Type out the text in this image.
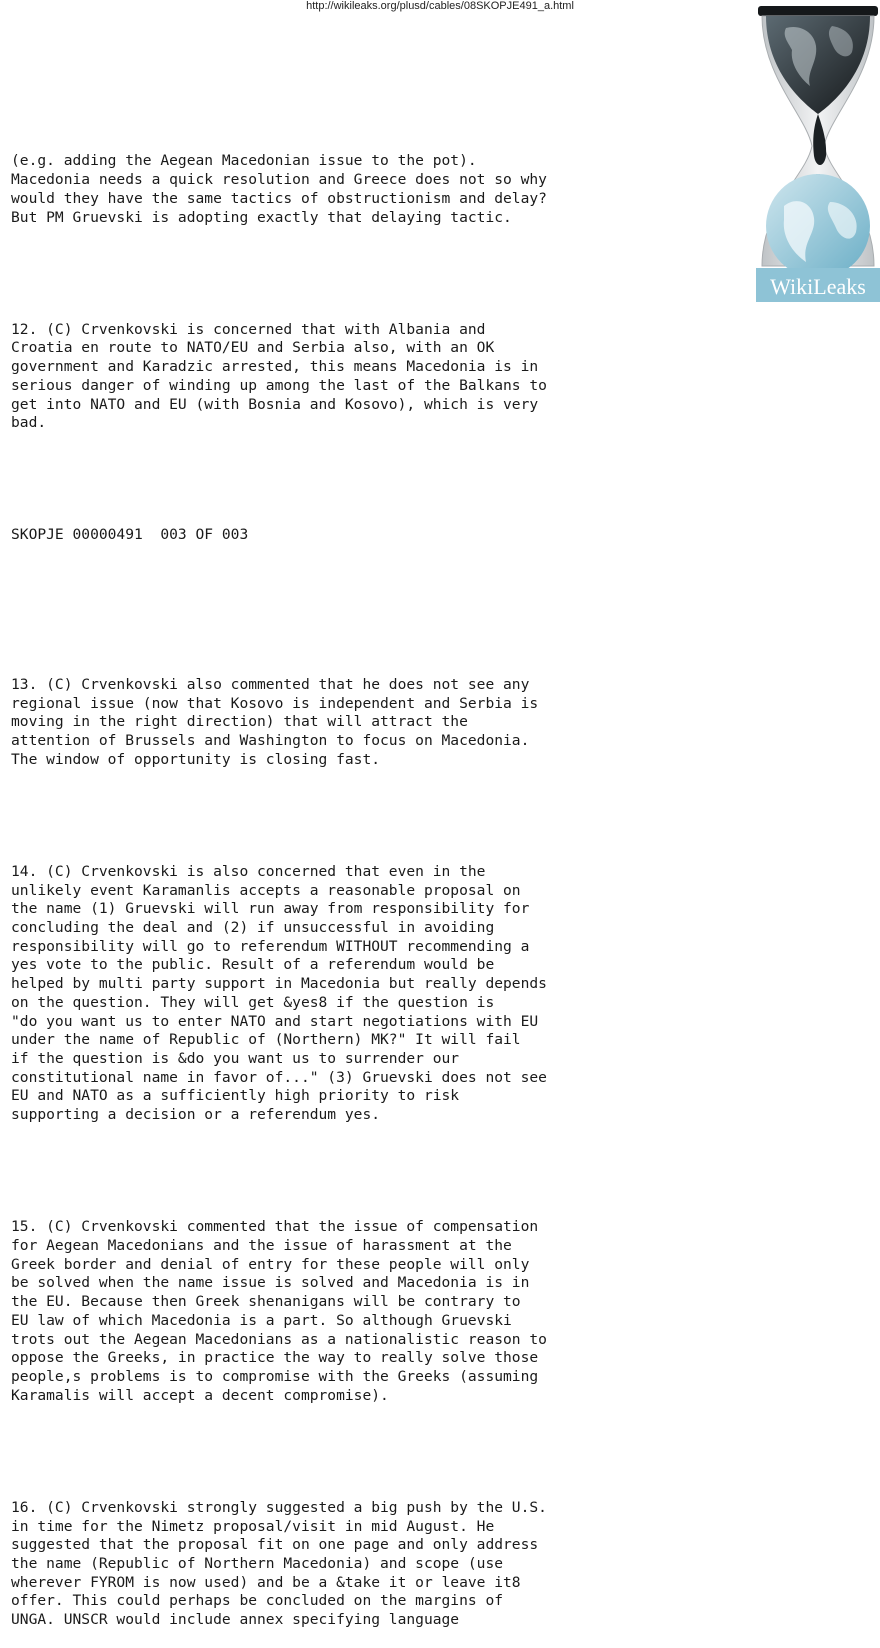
http://wikileaks.org/plusd/cables/08SKOPJE491_a.html

(e.g. adding the Aegean Macedonian issue to the pot).
Macedonia needs a quick resolution and Greece does not so why
would they have the same tactics of obstructionism and delay?
But PM Gruevski is adopting exactly that delaying tactic.

12. (C) Crvenkovski is concerned that with Albania and
Croatia en route to NATO/EU and Serbia also, with an OK
government and Karadzic arrested, this means Macedonia is in
serious danger of winding up among the last of the Balkans to
get into NATO and EU (with Bosnia and Kosovo), which is very
bad.

SKOPJE 00000491  003 OF 003

13. (C) Crvenkovski also commented that he does not see any
regional issue (now that Kosovo is independent and Serbia is
moving in the right direction) that will attract the
attention of Brussels and Washington to focus on Macedonia.
The window of opportunity is closing fast.

14. (C) Crvenkovski is also concerned that even in the
unlikely event Karamanlis accepts a reasonable proposal on
the name (1) Gruevski will run away from responsibility for
concluding the deal and (2) if unsuccessful in avoiding
responsibility will go to referendum WITHOUT recommending a
yes vote to the public. Result of a referendum would be
helped by multi party support in Macedonia but really depends
on the question. They will get &yes8 if the question is
"do you want us to enter NATO and start negotiations with EU
under the name of Republic of (Northern) MK?" It will fail
if the question is &do you want us to surrender our
constitutional name in favor of..." (3) Gruevski does not see
EU and NATO as a sufficiently high priority to risk
supporting a decision or a referendum yes.

15. (C) Crvenkovski commented that the issue of compensation
for Aegean Macedonians and the issue of harassment at the
Greek border and denial of entry for these people will only
be solved when the name issue is solved and Macedonia is in
the EU. Because then Greek shenanigans will be contrary to
EU law of which Macedonia is a part. So although Gruevski
trots out the Aegean Macedonians as a nationalistic reason to
oppose the Greeks, in practice the way to really solve those
people,s problems is to compromise with the Greeks (assuming
Karamalis will accept a decent compromise).

16. (C) Crvenkovski strongly suggested a big push by the U.S.
in time for the Nimetz proposal/visit in mid August. He
suggested that the proposal fit on one page and only address
the name (Republic of Northern Macedonia) and scope (use
wherever FYROM is now used) and be a &take it or leave it8
offer. This could perhaps be concluded on the margins of
UNGA. UNSCR would include annex specifying language

WikiLeaks
